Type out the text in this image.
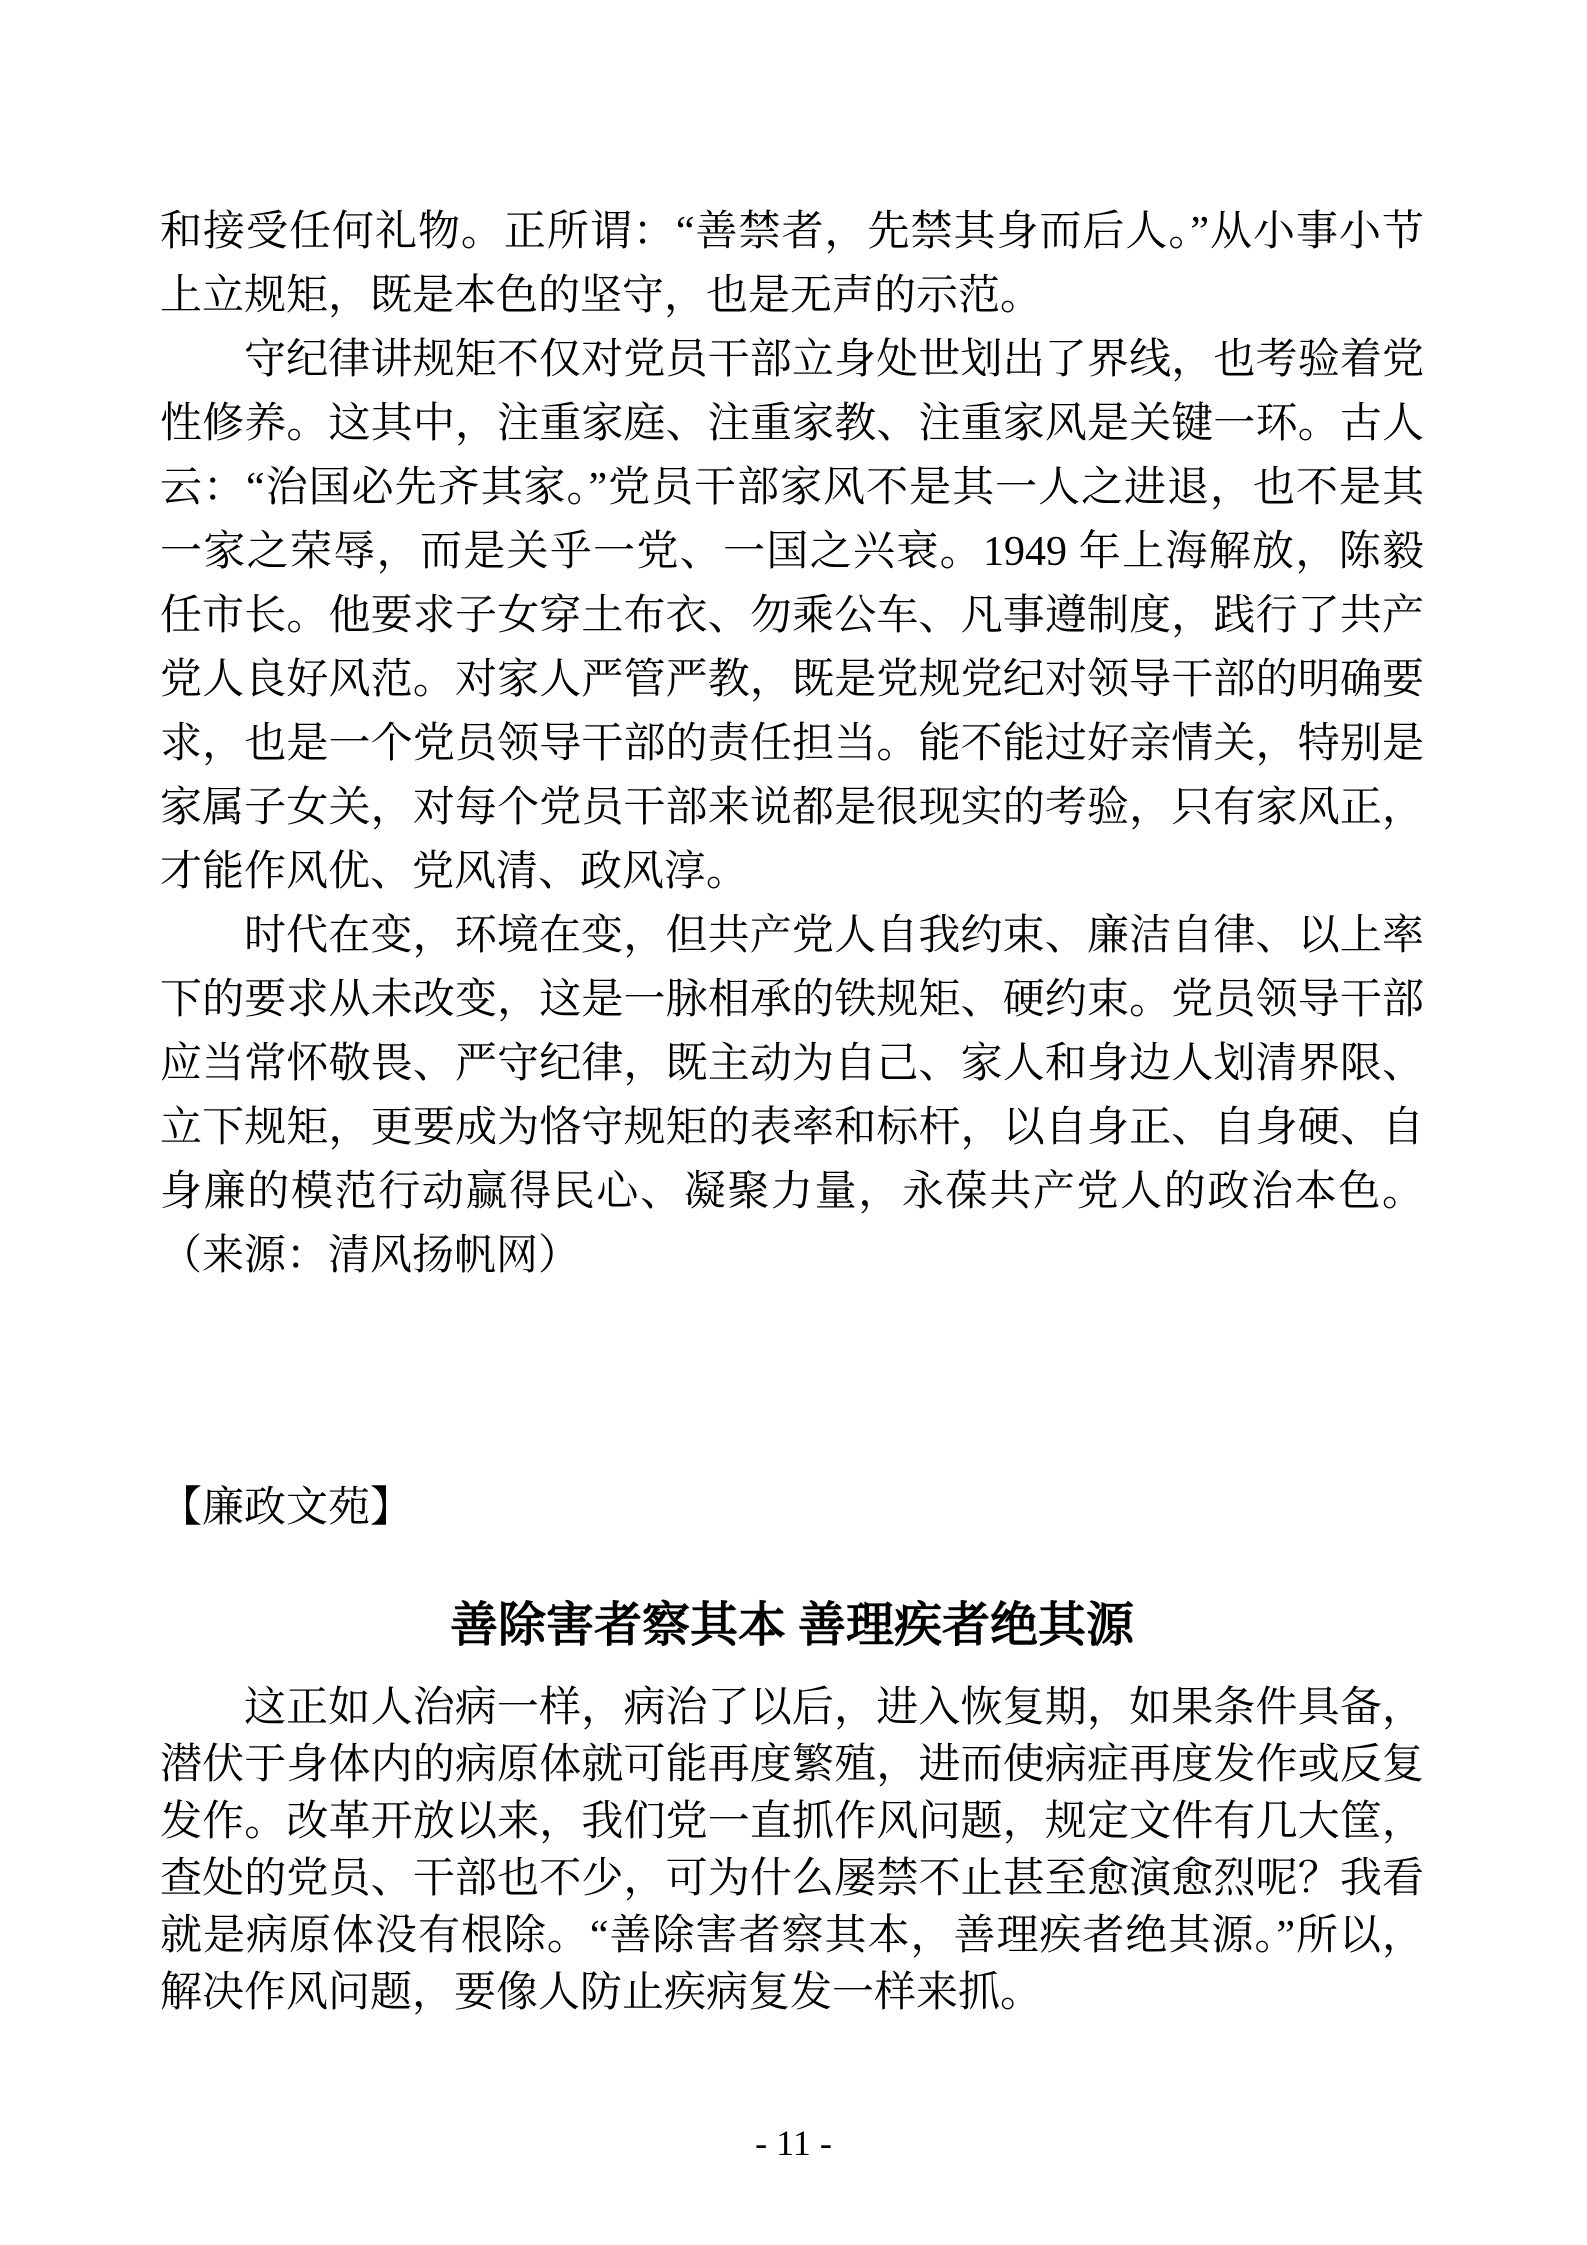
和接受任何礼物。正所谓：“善禁者，先禁其身而后人。”从小事小节上立规矩，既是本色的坚守，也是无声的示范。

守纪律讲规矩不仅对党员干部立身处世划出了界线，也考验着党性修养。这其中，注重家庭、注重家教、注重家风是关键一环。古人云：“治国必先齐其家。”党员干部家风不是其一人之进退，也不是其一家之荣辱，而是关乎一党、一国之兴衰。1949 年上海解放，陈毅任市长。他要求子女穿土布衣、勿乘公车、凡事遵制度，践行了共产党人良好风范。对家人严管严教，既是党规党纪对领导干部的明确要求，也是一个党员领导干部的责任担当。能不能过好亲情关，特别是家属子女关，对每个党员干部来说都是很现实的考验，只有家风正，才能作风优、党风清、政风淳。

时代在变，环境在变，但共产党人自我约束、廉洁自律、以上率下的要求从未改变，这是一脉相承的铁规矩、硬约束。党员领导干部应当常怀敬畏、严守纪律，既主动为自己、家人和身边人划清界限、立下规矩，更要成为恪守规矩的表率和标杆，以自身正、自身硬、自身廉的模范行动赢得民心、凝聚力量，永葆共产党人的政治本色。（来源：清风扬帆网）

【廉政文苑】
善除害者察其本 善理疾者绝其源

这正如人治病一样，病治了以后，进入恢复期，如果条件具备，潜伏于身体内的病原体就可能再度繁殖，进而使病症再度发作或反复发作。改革开放以来，我们党一直抓作风问题，规定文件有几大筐，查处的党员、干部也不少，可为什么屡禁不止甚至愈演愈烈呢？我看就是病原体没有根除。“善除害者察其本，善理疾者绝其源。”所以，解决作风问题，要像人防止疾病复发一样来抓。

- 11 -
